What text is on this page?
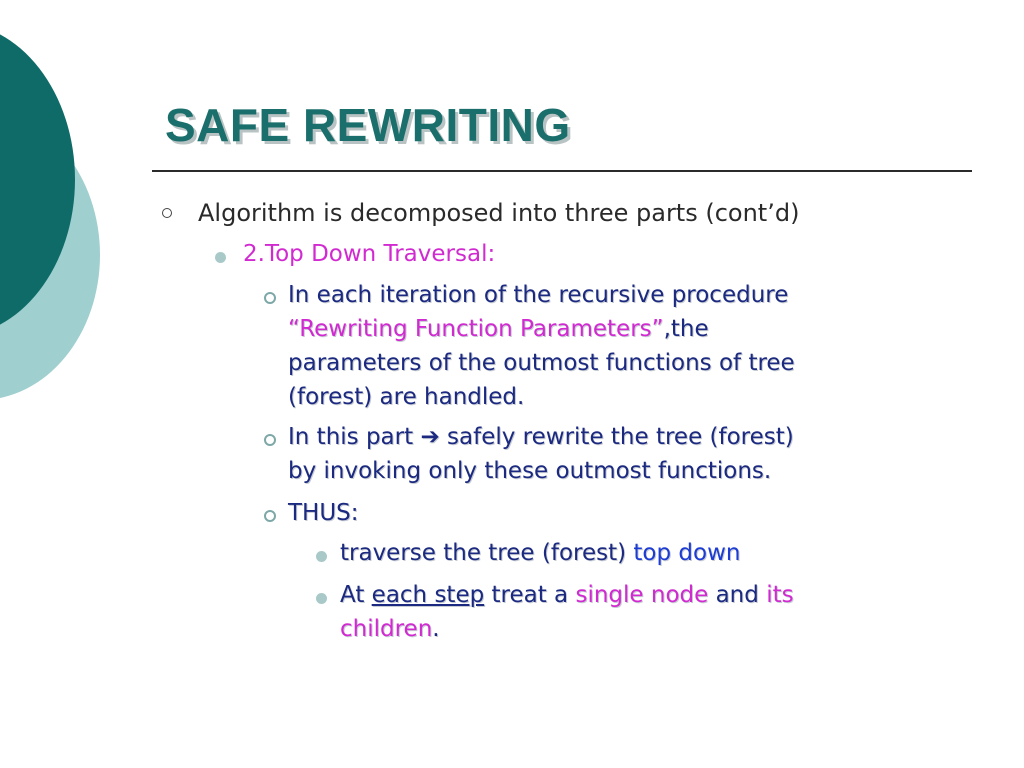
SAFE REWRITING

Algorithm is decomposed into three parts (cont’d)

2.Top Down Traversal:

In each iteration of the recursive procedure

“Rewriting Function Parameters”,the

parameters of the outmost functions of tree

(forest) are handled.

In this part ➔ safely rewrite the tree (forest)

by invoking only these outmost functions.

THUS:

traverse the tree (forest) top down

At each step treat a single node and its

children.
